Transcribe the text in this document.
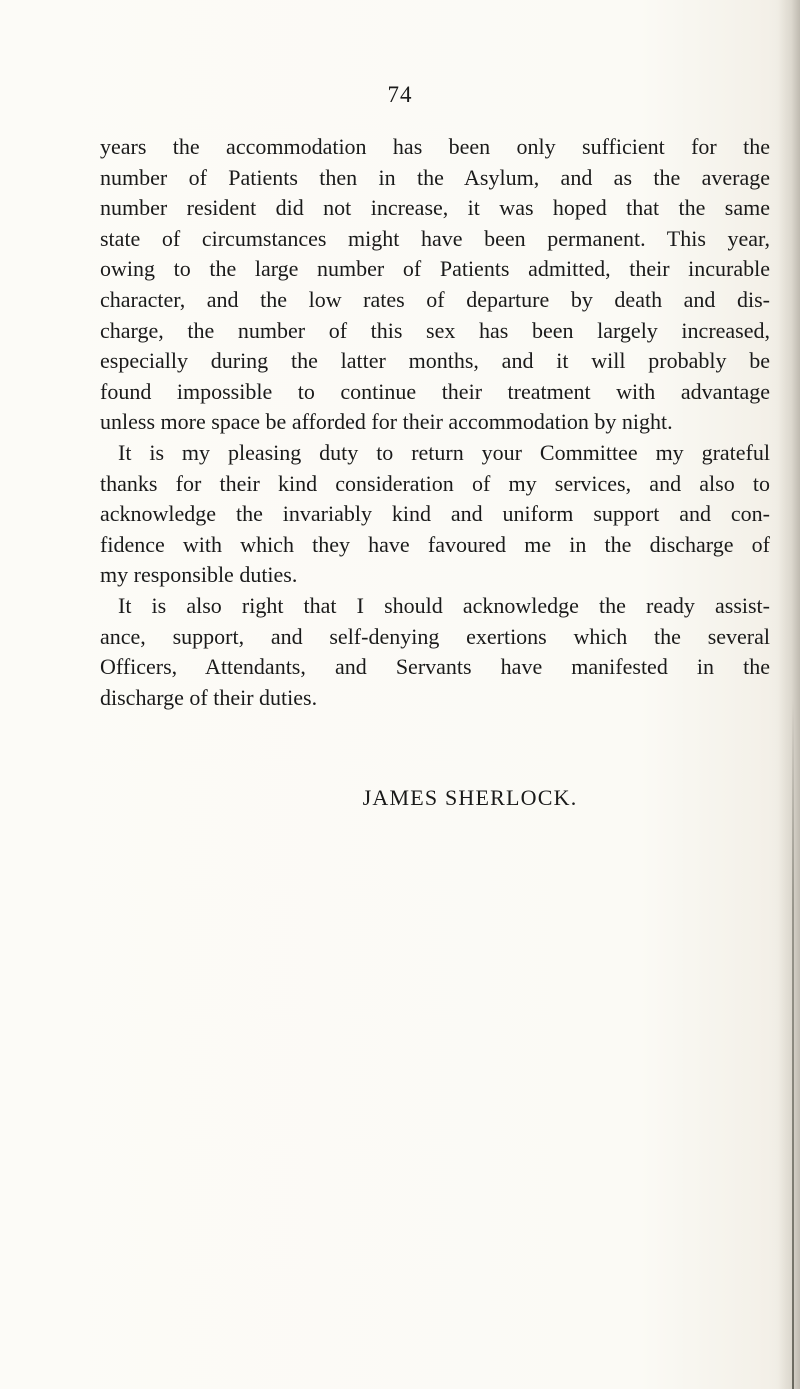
74
years the accommodation has been only sufficient for the
number of Patients then in the Asylum, and as the average
number resident did not increase, it was hoped that the same
state of circumstances might have been permanent. This year,
owing to the large number of Patients admitted, their incurable
character, and the low rates of departure by death and dis-
charge, the number of this sex has been largely increased,
especially during the latter months, and it will probably be
found impossible to continue their treatment with advantage
unless more space be afforded for their accommodation by night.
It is my pleasing duty to return your Committee my grateful
thanks for their kind consideration of my services, and also to
acknowledge the invariably kind and uniform support and con-
fidence with which they have favoured me in the discharge of
my responsible duties.
It is also right that I should acknowledge the ready assist-
ance, support, and self-denying exertions which the several
Officers, Attendants, and Servants have manifested in the
discharge of their duties.
JAMES SHERLOCK.
